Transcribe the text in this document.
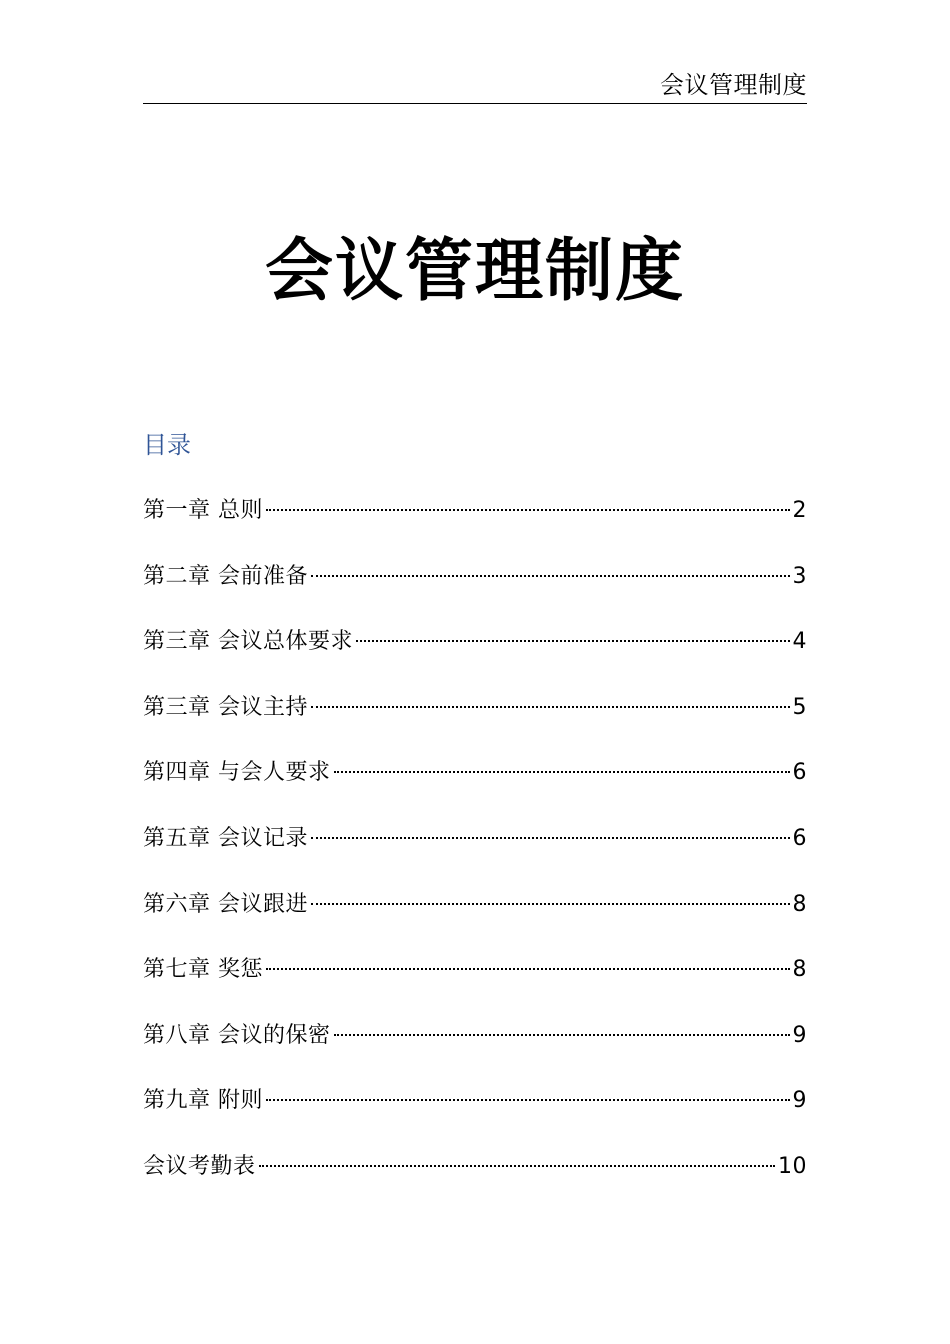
会议管理制度
会议管理制度
目录
第一章 总则	2
第二章 会前准备	3
第三章 会议总体要求	4
第三章 会议主持	5
第四章 与会人要求	6
第五章 会议记录	6
第六章 会议跟进	8
第七章 奖惩	8
第八章 会议的保密	9
第九章 附则	9
会议考勤表	10
